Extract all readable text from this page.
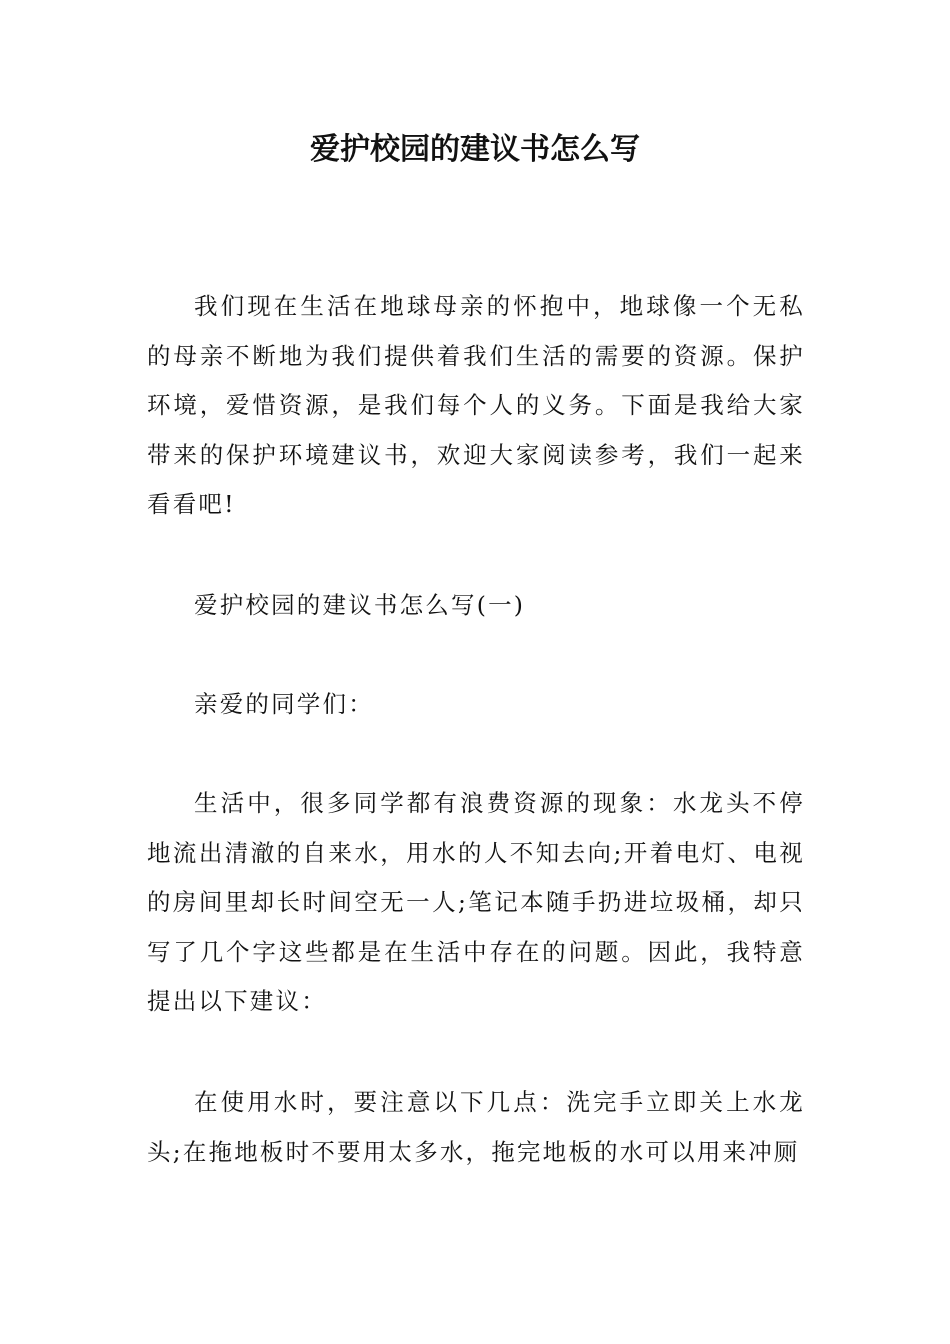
爱护校园的建议书怎么写

我们现在生活在地球母亲的怀抱中，地球像一个无私的母亲不断地为我们提供着我们生活的需要的资源。保护环境，爱惜资源，是我们每个人的义务。下面是我给大家带来的保护环境建议书，欢迎大家阅读参考，我们一起来看看吧!

爱护校园的建议书怎么写(一)

亲爱的同学们：

生活中，很多同学都有浪费资源的现象：水龙头不停地流出清澈的自来水，用水的人不知去向;开着电灯、电视的房间里却长时间空无一人;笔记本随手扔进垃圾桶，却只写了几个字这些都是在生活中存在的问题。因此，我特意提出以下建议：

在使用水时，要注意以下几点：洗完手立即关上水龙头;在拖地板时不要用太多水，拖完地板的水可以用来冲厕
